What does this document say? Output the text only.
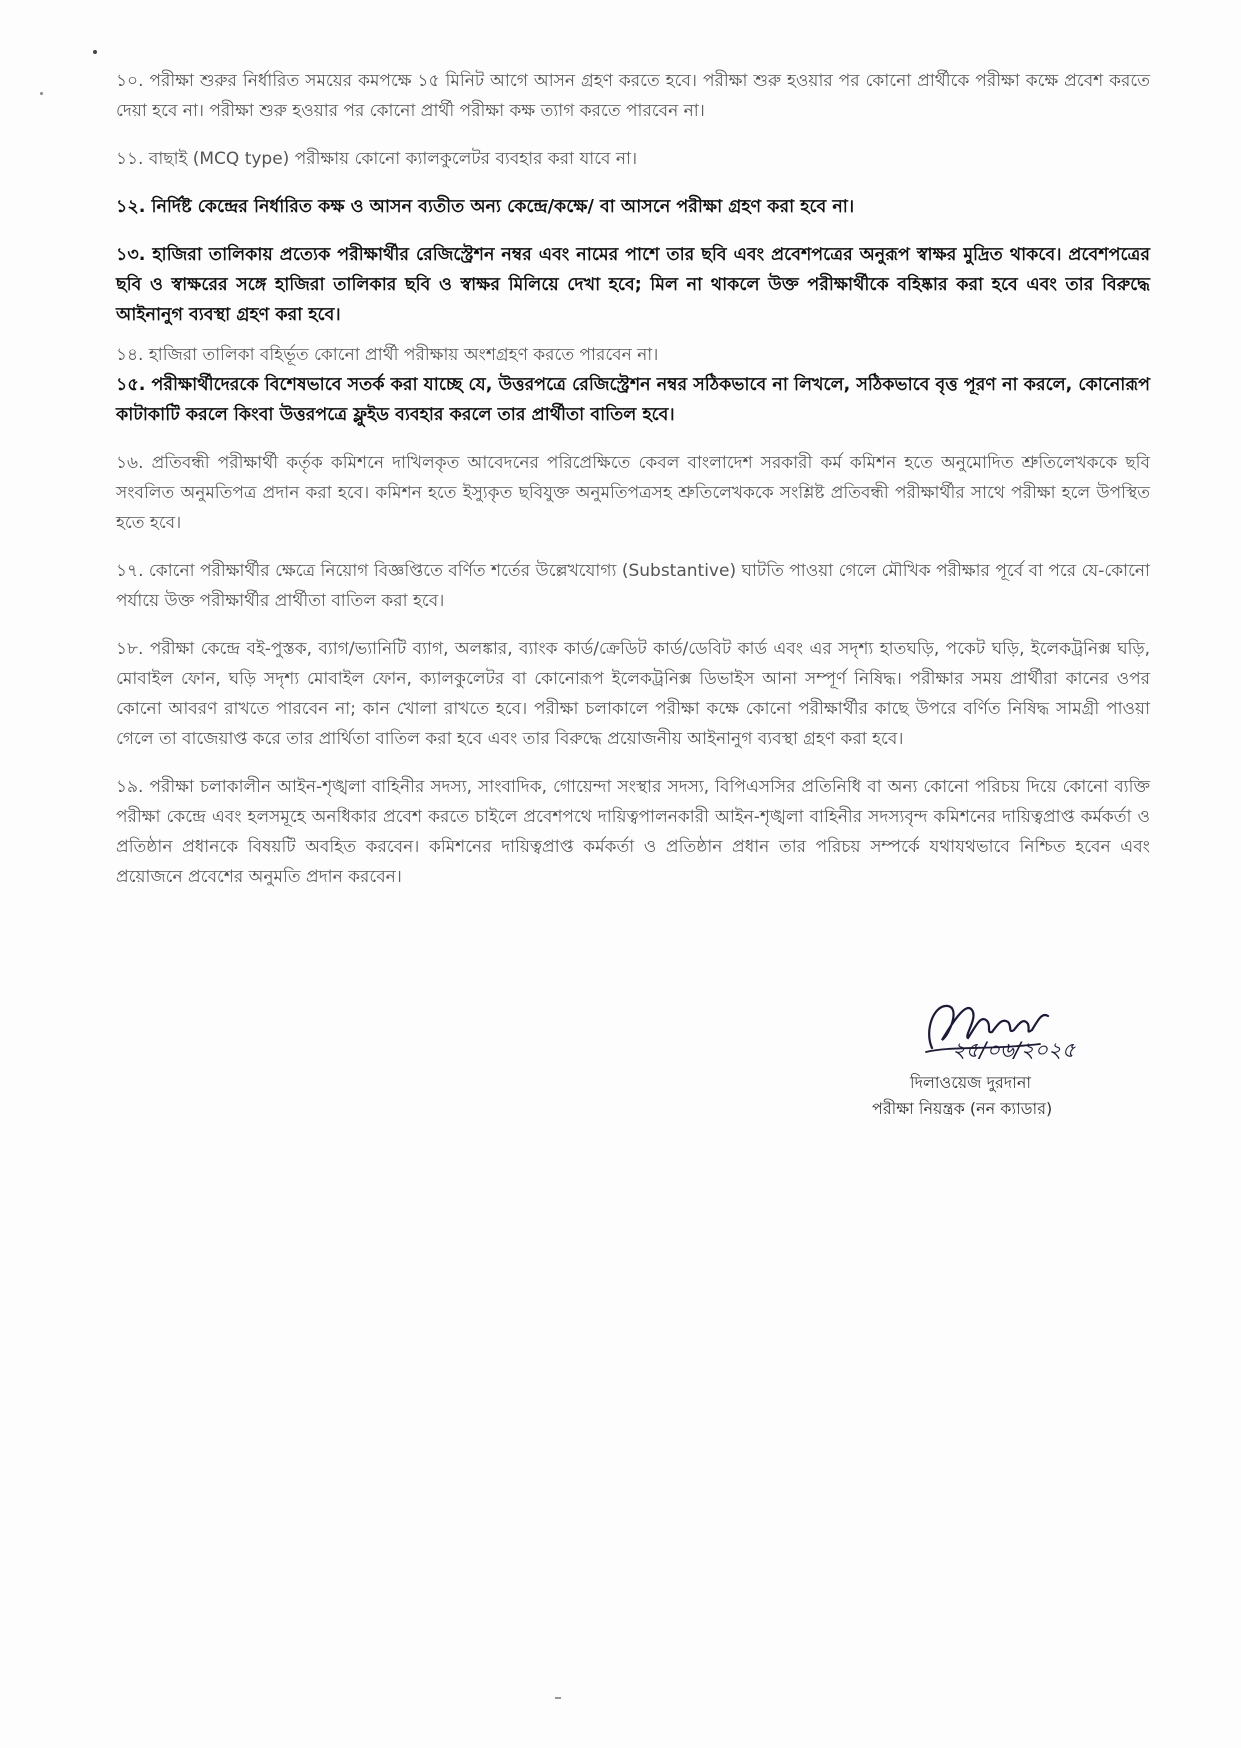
১০. পরীক্ষা শুরুর নির্ধারিত সময়ের কমপক্ষে ১৫ মিনিট আগে আসন গ্রহণ করতে হবে। পরীক্ষা শুরু হওয়ার পর কোনো প্রার্থীকে পরীক্ষা কক্ষে প্রবেশ করতে দেয়া হবে না। পরীক্ষা শুরু হওয়ার পর কোনো প্রার্থী পরীক্ষা কক্ষ ত্যাগ করতে পারবেন না।

১১. বাছাই (MCQ type) পরীক্ষায় কোনো ক্যালকুলেটর ব্যবহার করা যাবে না।

১২. নির্দিষ্ট কেন্দ্রের নির্ধারিত কক্ষ ও আসন ব্যতীত অন্য কেন্দ্রে/কক্ষে/ বা আসনে পরীক্ষা গ্রহণ করা হবে না।

১৩. হাজিরা তালিকায় প্রত্যেক পরীক্ষার্থীর রেজিস্ট্রেশন নম্বর এবং নামের পাশে তার ছবি এবং প্রবেশপত্রের অনুরূপ স্বাক্ষর মুদ্রিত থাকবে। প্রবেশপত্রের ছবি ও স্বাক্ষরের সঙ্গে হাজিরা তালিকার ছবি ও স্বাক্ষর মিলিয়ে দেখা হবে; মিল না থাকলে উক্ত পরীক্ষার্থীকে বহিষ্কার করা হবে এবং তার বিরুদ্ধে আইনানুগ ব্যবস্থা গ্রহণ করা হবে।

১৪. হাজিরা তালিকা বহির্ভূত কোনো প্রার্থী পরীক্ষায় অংশগ্রহণ করতে পারবেন না।

১৫. পরীক্ষার্থীদেরকে বিশেষভাবে সতর্ক করা যাচ্ছে যে, উত্তরপত্রে রেজিস্ট্রেশন নম্বর সঠিকভাবে না লিখলে, সঠিকভাবে বৃত্ত পূরণ না করলে, কোনোরূপ কাটাকাটি করলে কিংবা উত্তরপত্রে ফ্লুইড ব্যবহার করলে তার প্রার্থীতা বাতিল হবে।

১৬. প্রতিবন্ধী পরীক্ষার্থী কর্তৃক কমিশনে দাখিলকৃত আবেদনের পরিপ্রেক্ষিতে কেবল বাংলাদেশ সরকারী কর্ম কমিশন হতে অনুমোদিত শ্রুতিলেখককে ছবি সংবলিত অনুমতিপত্র প্রদান করা হবে। কমিশন হতে ইস্যুকৃত ছবিযুক্ত অনুমতিপত্রসহ শ্রুতিলেখককে সংশ্লিষ্ট প্রতিবন্ধী পরীক্ষার্থীর সাথে পরীক্ষা হলে উপস্থিত হতে হবে।

১৭. কোনো পরীক্ষার্থীর ক্ষেত্রে নিয়োগ বিজ্ঞপ্তিতে বর্ণিত শর্তের উল্লেখযোগ্য (Substantive) ঘাটতি পাওয়া গেলে মৌখিক পরীক্ষার পূর্বে বা পরে যে-কোনো পর্যায়ে উক্ত পরীক্ষার্থীর প্রার্থীতা বাতিল করা হবে।

১৮. পরীক্ষা কেন্দ্রে বই-পুস্তক, ব্যাগ/ভ্যানিটি ব্যাগ, অলঙ্কার, ব্যাংক কার্ড/ক্রেডিট কার্ড/ডেবিট কার্ড এবং এর সদৃশ্য হাতঘড়ি, পকেট ঘড়ি, ইলেকট্রনিক্স ঘড়ি, মোবাইল ফোন, ঘড়ি সদৃশ্য মোবাইল ফোন, ক্যালকুলেটর বা কোনোরূপ ইলেকট্রনিক্স ডিভাইস আনা সম্পূর্ণ নিষিদ্ধ। পরীক্ষার সময় প্রার্থীরা কানের ওপর কোনো আবরণ রাখতে পারবেন না; কান খোলা রাখতে হবে। পরীক্ষা চলাকালে পরীক্ষা কক্ষে কোনো পরীক্ষার্থীর কাছে উপরে বর্ণিত নিষিদ্ধ সামগ্রী পাওয়া গেলে তা বাজেয়াপ্ত করে তার প্রার্থিতা বাতিল করা হবে এবং তার বিরুদ্ধে প্রয়োজনীয় আইনানুগ ব্যবস্থা গ্রহণ করা হবে।

১৯. পরীক্ষা চলাকালীন আইন-শৃঙ্খলা বাহিনীর সদস্য, সাংবাদিক, গোয়েন্দা সংস্থার সদস্য, বিপিএসসির প্রতিনিধি বা অন্য কোনো পরিচয় দিয়ে কোনো ব্যক্তি পরীক্ষা কেন্দ্রে এবং হলসমূহে অনধিকার প্রবেশ করতে চাইলে প্রবেশপথে দায়িত্বপালনকারী আইন-শৃঙ্খলা বাহিনীর সদস্যবৃন্দ কমিশনের দায়িত্বপ্রাপ্ত কর্মকর্তা ও প্রতিষ্ঠান প্রধানকে বিষয়টি অবহিত করবেন। কমিশনের দায়িত্বপ্রাপ্ত কর্মকর্তা ও প্রতিষ্ঠান প্রধান তার পরিচয় সম্পর্কে যথাযথভাবে নিশ্চিত হবেন এবং প্রয়োজনে প্রবেশের অনুমতি প্রদান করবেন।

২৫/০৬/২০২৫
দিলাওয়েজ দুরদানা
পরীক্ষা নিয়ন্ত্রক (নন ক্যাডার)
